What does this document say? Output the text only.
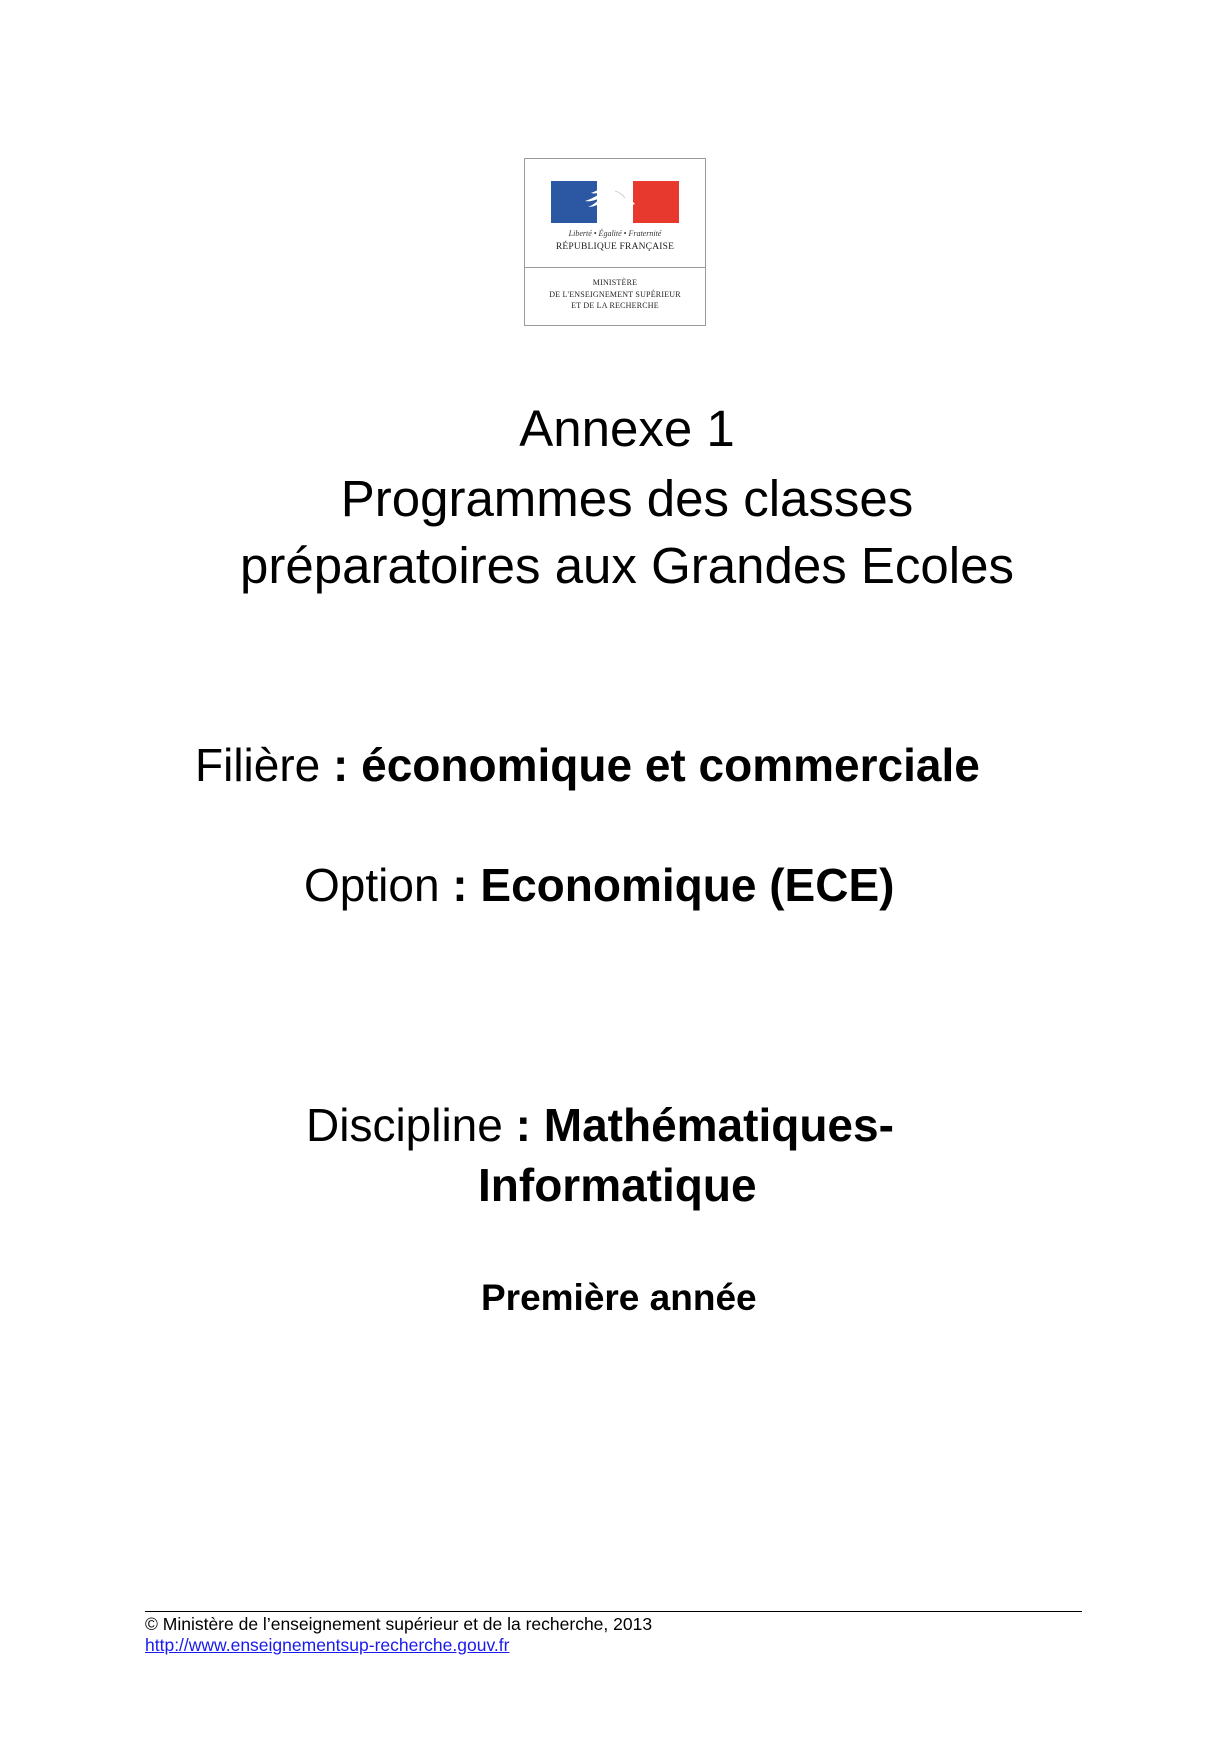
Liberté • Égalité • Fraternité
RÉPUBLIQUE FRANÇAISE
MINISTÈRE
DE L'ENSEIGNEMENT SUPÉRIEUR
ET DE LA RECHERCHE
Annexe 1
Programmes des classes
préparatoires aux Grandes Ecoles
Filière : économique et commerciale
Option : Economique (ECE)
Discipline : Mathématiques-
Informatique
Première année
© Ministère de l’enseignement supérieur et de la recherche, 2013
http://www.enseignementsup-recherche.gouv.fr
